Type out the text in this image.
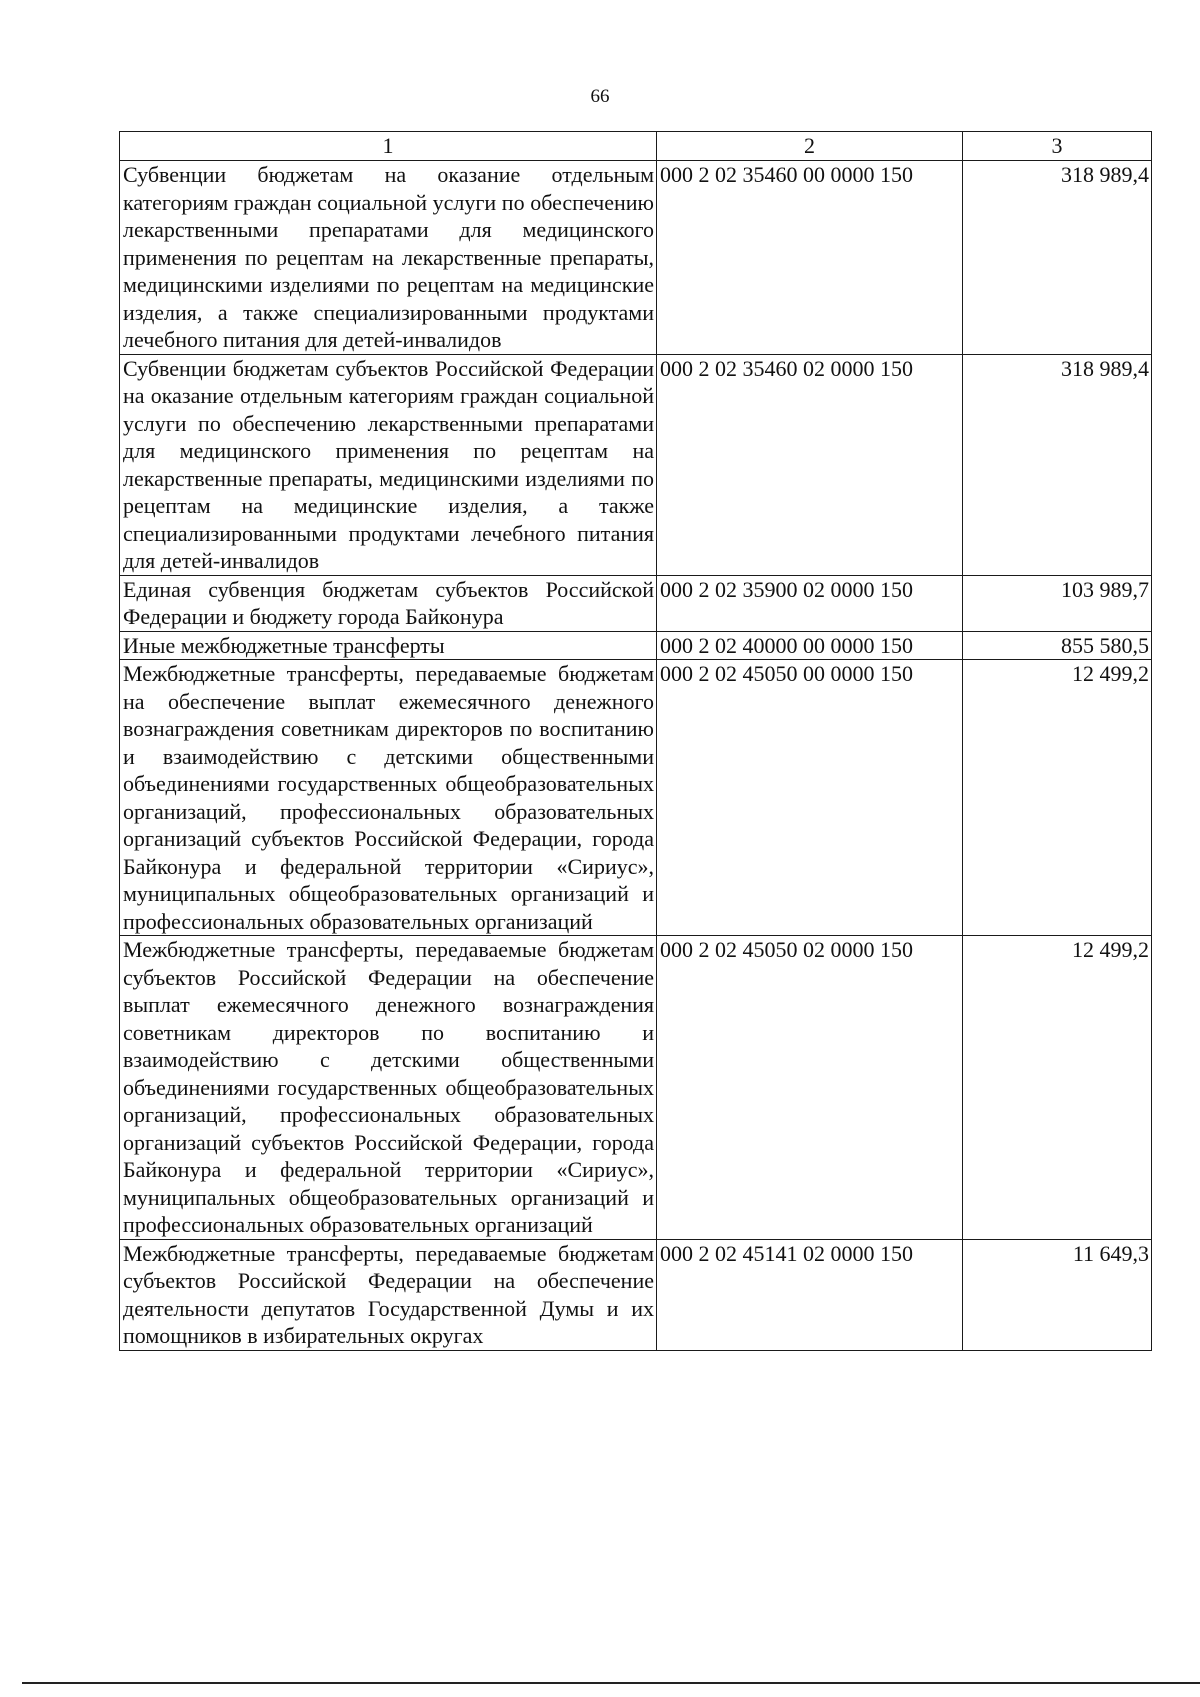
66
1	2	3
Субвенции бюджетам на оказание отдельным категориям граждан социальной услуги по обеспечению лекарственными препаратами для медицинского применения по рецептам на лекарственные препараты, медицинскими изделиями по рецептам на медицинские изделия, а также специализированными продуктами лечебного питания для детей-инвалидов	000 2 02 35460 00 0000 150	318 989,4
Субвенции бюджетам субъектов Российской Федерации на оказание отдельным категориям граждан социальной услуги по обеспечению лекарственными препаратами для медицинского применения по рецептам на лекарственные препараты, медицинскими изделиями по рецептам на медицинские изделия, а также специализированными продуктами лечебного питания для детей-инвалидов	000 2 02 35460 02 0000 150	318 989,4
Единая субвенция бюджетам субъектов Российской Федерации и бюджету города Байконура	000 2 02 35900 02 0000 150	103 989,7
Иные межбюджетные трансферты	000 2 02 40000 00 0000 150	855 580,5
Межбюджетные трансферты, передаваемые бюджетам на обеспечение выплат ежемесячного денежного вознаграждения советникам директоров по воспитанию и взаимодействию с детскими общественными объединениями государственных общеобразовательных организаций, профессиональных образовательных организаций субъектов Российской Федерации, города Байконура и федеральной территории «Сириус», муниципальных общеобразовательных организаций и профессиональных образовательных организаций	000 2 02 45050 00 0000 150	12 499,2
Межбюджетные трансферты, передаваемые бюджетам субъектов Российской Федерации на обеспечение выплат ежемесячного денежного вознаграждения советникам директоров по воспитанию и взаимодействию с детскими общественными объединениями государственных общеобразовательных организаций, профессиональных образовательных организаций субъектов Российской Федерации, города Байконура и федеральной территории «Сириус», муниципальных общеобразовательных организаций и профессиональных образовательных организаций	000 2 02 45050 02 0000 150	12 499,2
Межбюджетные трансферты, передаваемые бюджетам субъектов Российской Федерации на обеспечение деятельности депутатов Государственной Думы и их помощников в избирательных округах	000 2 02 45141 02 0000 150	11 649,3
